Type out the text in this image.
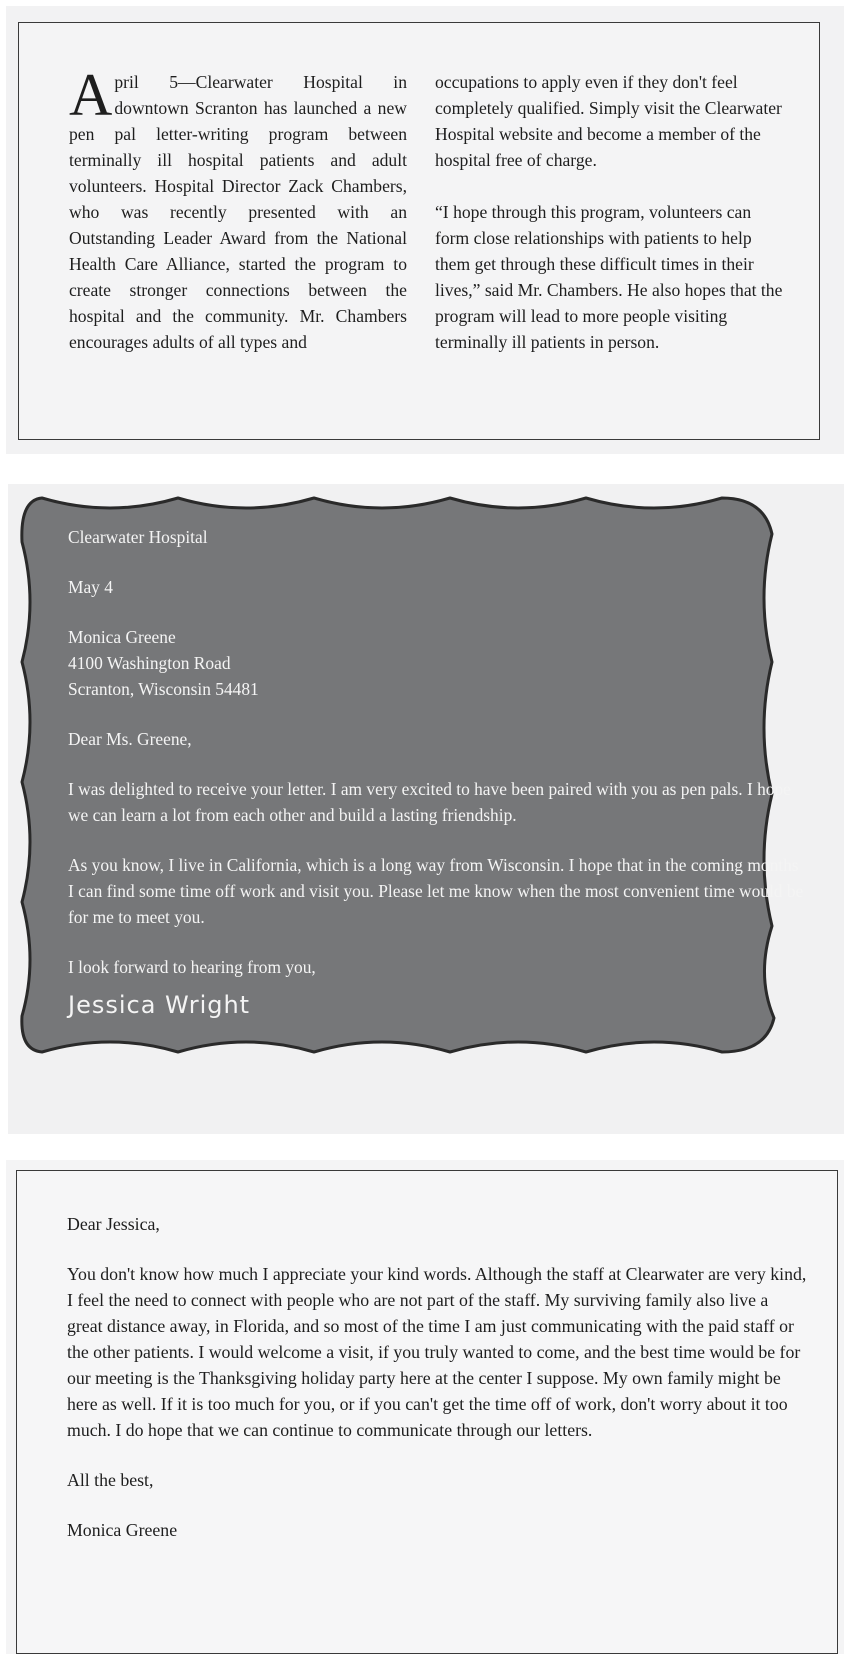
April 5—Clearwater Hospital in downtown Scranton has launched a new pen pal letter-writing program between terminally ill hospital patients and adult volunteers. Hospital Director Zack Chambers, who was recently presented with an Outstanding Leader Award from the National Health Care Alliance, started the program to create stronger connections between the hospital and the community. Mr. Chambers encourages adults of all types and

occupations to apply even if they don't feel completely qualified. Simply visit the Clearwater Hospital website and become a member of the hospital free of charge.

“I hope through this program, volunteers can form close relationships with patients to help them get through these difficult times in their lives,” said Mr. Chambers. He also hopes that the program will lead to more people visiting terminally ill patients in person.

Clearwater Hospital

May 4

Monica Greene

4100 Washington Road

Scranton, Wisconsin 54481

Dear Ms. Greene,

I was delighted to receive your letter. I am very excited to have been paired with you as pen pals. I hope we can learn a lot from each other and build a lasting friendship.

As you know, I live in California, which is a long way from Wisconsin. I hope that in the coming months I can find some time off work and visit you. Please let me know when the most convenient time would be for me to meet you.

I look forward to hearing from you,

Jessica Wright

Dear Jessica,

You don't know how much I appreciate your kind words. Although the staff at Clearwater are very kind, I feel the need to connect with people who are not part of the staff. My surviving family also live a great distance away, in Florida, and so most of the time I am just communicating with the paid staff or the other patients. I would welcome a visit, if you truly wanted to come, and the best time would be for our meeting is the Thanksgiving holiday party here at the center I suppose. My own family might be here as well. If it is too much for you, or if you can't get the time off of work, don't worry about it too much. I do hope that we can continue to communicate through our letters.

All the best,

Monica Greene
